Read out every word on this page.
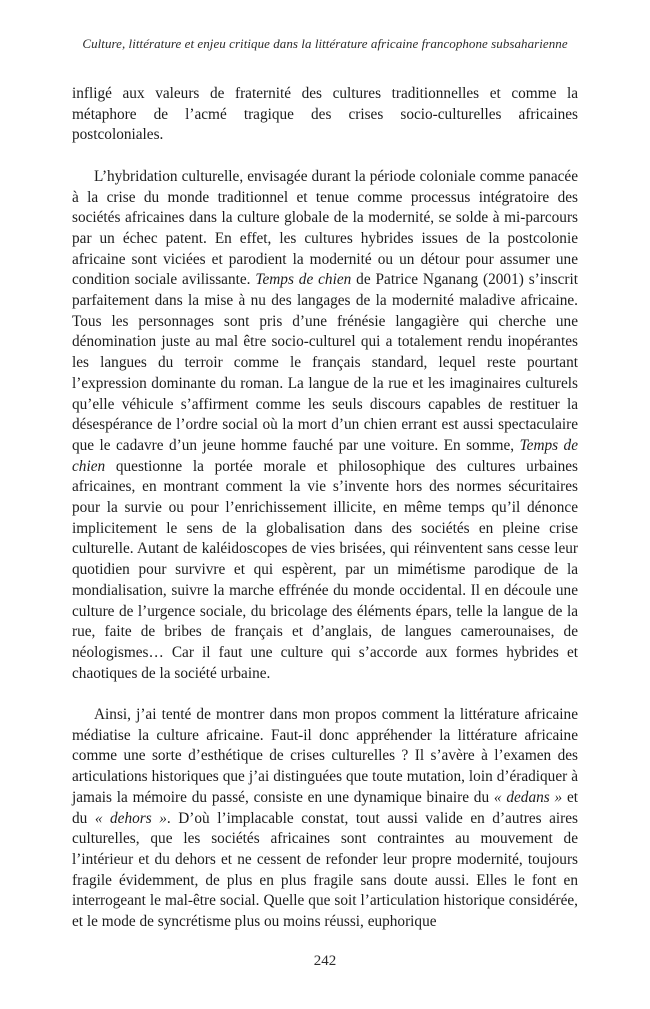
Culture, littérature et enjeu critique dans la littérature africaine francophone subsaharienne

infligé aux valeurs de fraternité des cultures traditionnelles et comme la métaphore de l’acmé tragique des crises socio-culturelles africaines postcoloniales.

L’hybridation culturelle, envisagée durant la période coloniale comme panacée à la crise du monde traditionnel et tenue comme processus intégratoire des sociétés africaines dans la culture globale de la modernité, se solde à mi-parcours par un échec patent. En effet, les cultures hybrides issues de la postcolonie africaine sont viciées et parodient la modernité ou un détour pour assumer une condition sociale avilissante. Temps de chien de Patrice Nganang (2001) s’inscrit parfaitement dans la mise à nu des langages de la modernité maladive africaine. Tous les personnages sont pris d’une frénésie langagière qui cherche une dénomination juste au mal être socio-culturel qui a totalement rendu inopérantes les langues du terroir comme le français standard, lequel reste pourtant l’expression dominante du roman. La langue de la rue et les imaginaires culturels qu’elle véhicule s’affirment comme les seuls discours capables de restituer la désespérance de l’ordre social où la mort d’un chien errant est aussi spectaculaire que le cadavre d’un jeune homme fauché par une voiture. En somme, Temps de chien questionne la portée morale et philosophique des cultures urbaines africaines, en montrant comment la vie s’invente hors des normes sécuritaires pour la survie ou pour l’enrichissement illicite, en même temps qu’il dénonce implicitement le sens de la globalisation dans des sociétés en pleine crise culturelle. Autant de kaléidoscopes de vies brisées, qui réinventent sans cesse leur quotidien pour survivre et qui espèrent, par un mimétisme parodique de la mondialisation, suivre la marche effrénée du monde occidental. Il en découle une culture de l’urgence sociale, du bricolage des éléments épars, telle la langue de la rue, faite de bribes de français et d’anglais, de langues camerounaises, de néologismes… Car il faut une culture qui s’accorde aux formes hybrides et chaotiques de la société urbaine.

Ainsi, j’ai tenté de montrer dans mon propos comment la littérature africaine médiatise la culture africaine. Faut-il donc appréhender la littérature africaine comme une sorte d’esthétique de crises culturelles ? Il s’avère à l’examen des articulations historiques que j’ai distinguées que toute mutation, loin d’éradiquer à jamais la mémoire du passé, consiste en une dynamique binaire du « dedans » et du « dehors ». D’où l’implacable constat, tout aussi valide en d’autres aires culturelles, que les sociétés africaines sont contraintes au mouvement de l’intérieur et du dehors et ne cessent de refonder leur propre modernité, toujours fragile évidemment, de plus en plus fragile sans doute aussi. Elles le font en interrogeant le mal-être social. Quelle que soit l’articulation historique considérée, et le mode de syncrétisme plus ou moins réussi, euphorique

242
